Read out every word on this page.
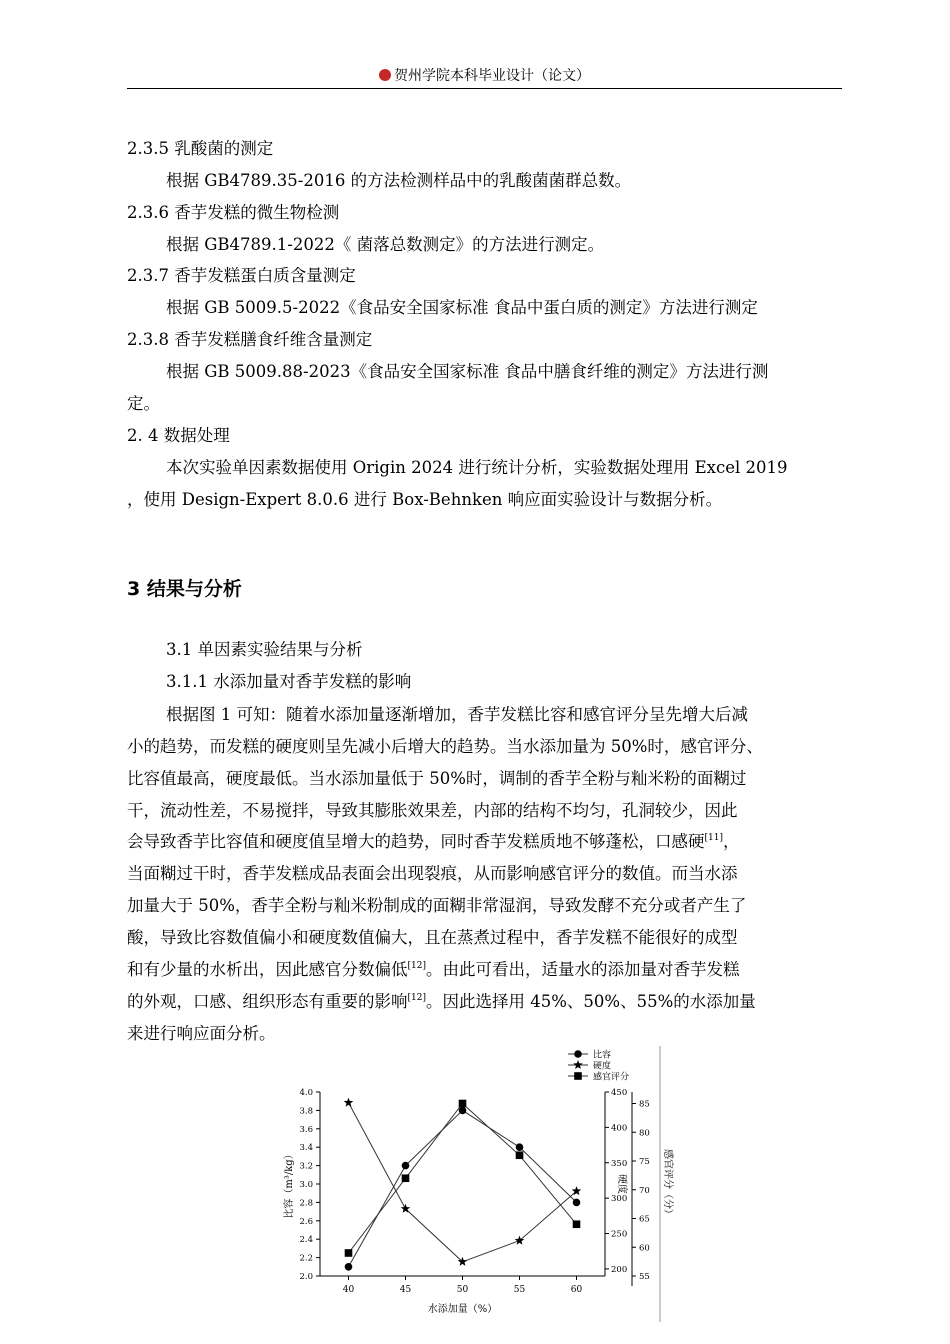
贺州学院本科毕业设计（论文）
2.3.5 乳酸菌的测定
根据 GB4789.35-2016 的方法检测样品中的乳酸菌菌群总数。
2.3.6 香芋发糕的微生物检测
根据 GB4789.1-2022《 菌落总数测定》的方法进行测定。
2.3.7 香芋发糕蛋白质含量测定
根据 GB 5009.5-2022《食品安全国家标准 食品中蛋白质的测定》方法进行测定
2.3.8 香芋发糕膳食纤维含量测定
根据 GB 5009.88-2023《食品安全国家标准 食品中膳食纤维的测定》方法进行测
定。
2. 4 数据处理
本次实验单因素数据使用 Origin 2024 进行统计分析，实验数据处理用 Excel 2019
，使用 Design-Expert 8.0.6 进行 Box-Behnken 响应面实验设计与数据分析。
3 结果与分析
3.1 单因素实验结果与分析
3.1.1 水添加量对香芋发糕的影响
根据图 1 可知：随着水添加量逐渐增加，香芋发糕比容和感官评分呈先增大后减
小的趋势，而发糕的硬度则呈先减小后增大的趋势。当水添加量为 50%时，感官评分、
比容值最高，硬度最低。当水添加量低于 50%时，调制的香芋全粉与籼米粉的面糊过
干，流动性差，不易搅拌，导致其膨胀效果差，内部的结构不均匀，孔洞较少，因此
会导致香芋比容值和硬度值呈增大的趋势，同时香芋发糕质地不够蓬松，口感硬[11]，
当面糊过干时，香芋发糕成品表面会出现裂痕，从而影响感官评分的数值。而当水添
加量大于 50%，香芋全粉与籼米粉制成的面糊非常湿润，导致发酵不充分或者产生了
酸，导致比容数值偏小和硬度数值偏大，且在蒸煮过程中，香芋发糕不能很好的成型
和有少量的水析出，因此感官分数偏低[12]。由此可看出，适量水的添加量对香芋发糕
的外观，口感、组织形态有重要的影响[12]。因此选择用 45%、50%、55%的水添加量
来进行响应面分析。
40	45	50	55	60
水添加量（%）
2.0
2.2
2.4
2.6
2.8
3.0
3.2
3.4
3.6
3.8
4.0
比容（m³/kg）
200
250
300
350
400
450
硬度
55
60
65
70
75
80
85
感官评分（分）
比容
硬度
感官评分
